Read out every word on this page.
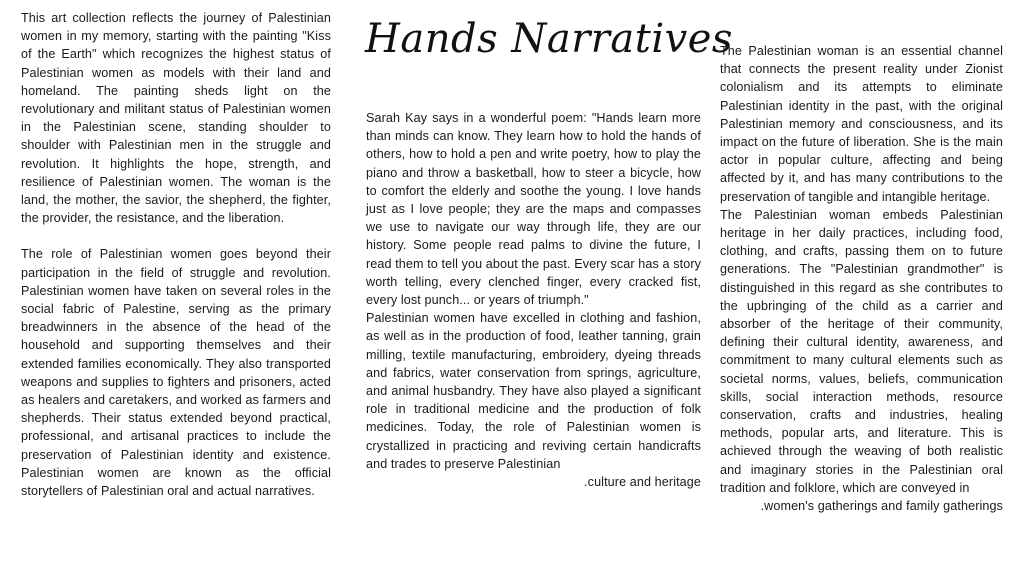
This art collection reflects the journey of Palestinian women in my memory, starting with the painting "Kiss of the Earth" which recognizes the highest status of Palestinian women as models with their land and homeland. The painting sheds light on the revolutionary and militant status of Palestinian women in the Palestinian scene, standing shoulder to shoulder with Palestinian men in the struggle and revolution. It highlights the hope, strength, and resilience of Palestinian women. The woman is the land, the mother, the savior, the shepherd, the fighter, the provider, the resistance, and the liberation.

The role of Palestinian women goes beyond their participation in the field of struggle and revolution. Palestinian women have taken on several roles in the social fabric of Palestine, serving as the primary breadwinners in the absence of the head of the household and supporting themselves and their extended families economically. They also transported weapons and supplies to fighters and prisoners, acted as healers and caretakers, and worked as farmers and shepherds. Their status extended beyond practical, professional, and artisanal practices to include the preservation of Palestinian identity and existence. Palestinian women are known as the official storytellers of Palestinian oral and actual narratives.

Hands Narratives

Sarah Kay says in a wonderful poem: "Hands learn more than minds can know. They learn how to hold the hands of others, how to hold a pen and write poetry, how to play the piano and throw a basketball, how to steer a bicycle, how to comfort the elderly and soothe the young. I love hands just as I love people; they are the maps and compasses we use to navigate our way through life, they are our history. Some people read palms to divine the future, I read them to tell you about the past. Every scar has a story worth telling, every clenched finger, every cracked fist, every lost punch... or years of triumph."

Palestinian women have excelled in clothing and fashion, as well as in the production of food, leather tanning, grain milling, textile manufacturing, embroidery, dyeing threads and fabrics, water conservation from springs, agriculture, and animal husbandry. They have also played a significant role in traditional medicine and the production of folk medicines. Today, the role of Palestinian women is crystallized in practicing and reviving certain handicrafts and trades to preserve Palestinian

.culture and heritage

The Palestinian woman is an essential channel that connects the present reality under Zionist colonialism and its attempts to eliminate Palestinian identity in the past, with the original Palestinian memory and consciousness, and its impact on the future of liberation. She is the main actor in popular culture, affecting and being affected by it, and has many contributions to the preservation of tangible and intangible heritage.

The Palestinian woman embeds Palestinian heritage in her daily practices, including food, clothing, and crafts, passing them on to future generations. The "Palestinian grandmother" is distinguished in this regard as she contributes to the upbringing of the child as a carrier and absorber of the heritage of their community, defining their cultural identity, awareness, and commitment to many cultural elements such as societal norms, values, beliefs, communication skills, social interaction methods, resource conservation, crafts and industries, healing methods, popular arts, and literature. This is achieved through the weaving of both realistic and imaginary stories in the Palestinian oral tradition and folklore, which are conveyed in

.women's gatherings and family gatherings
